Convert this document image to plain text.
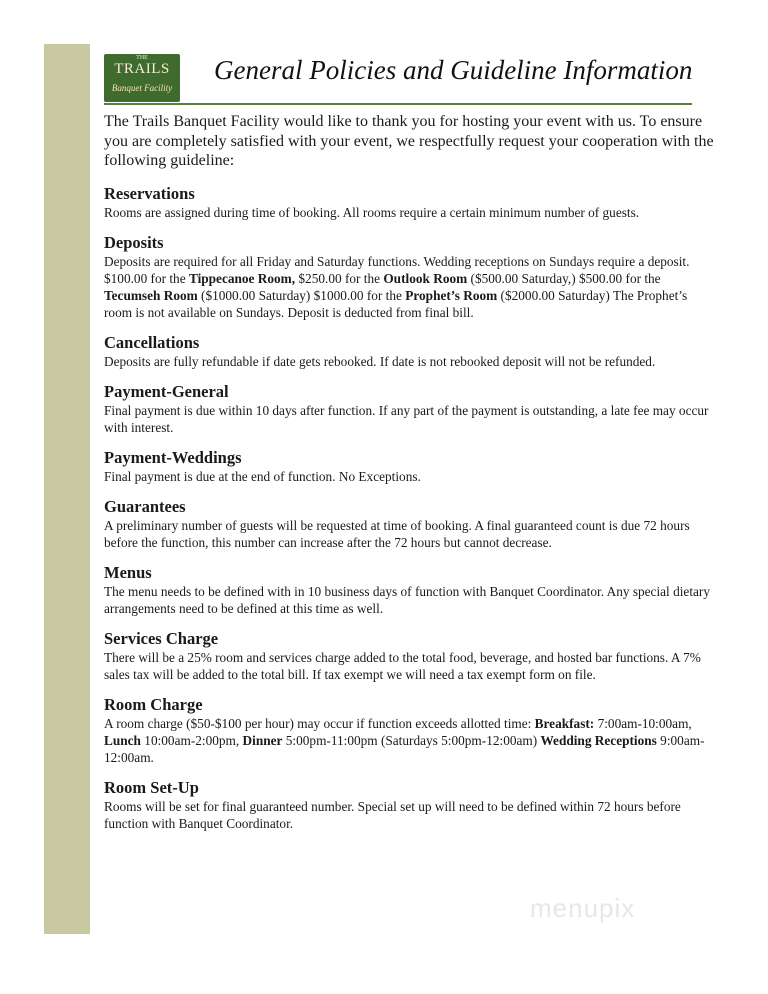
THE
TRAILS
Banquet Facility
General Policies and Guideline Information

The Trails Banquet Facility would like to thank you for hosting your event with us. To ensure you are completely satisfied with your event, we respectfully request your cooperation with the following guideline:

Reservations

Rooms are assigned during time of booking. All rooms require a certain minimum number of guests.

Deposits

Deposits are required for all Friday and Saturday functions. Wedding receptions on Sundays require a deposit. $100.00 for the Tippecanoe Room, $250.00 for the Outlook Room ($500.00 Saturday,) $500.00 for the Tecumseh Room ($1000.00 Saturday) $1000.00 for the Prophet’s Room ($2000.00 Saturday) The Prophet’s room is not available on Sundays. Deposit is deducted from final bill.

Cancellations

Deposits are fully refundable if date gets rebooked. If date is not rebooked deposit will not be refunded.

Payment-General

Final payment is due within 10 days after function. If any part of the payment is outstanding, a late fee may occur with interest.

Payment-Weddings

Final payment is due at the end of function. No Exceptions.

Guarantees

A preliminary number of guests will be requested at time of booking. A final guaranteed count is due 72 hours before the function, this number can increase after the 72 hours but cannot decrease.

Menus

The menu needs to be defined with in 10 business days of function with Banquet Coordinator. Any special dietary arrangements need to be defined at this time as well.

Services Charge

There will be a 25% room and services charge added to the total food, beverage, and hosted bar functions. A 7% sales tax will be added to the total bill. If tax exempt we will need a tax exempt form on file.

Room Charge

A room charge ($50-$100 per hour) may occur if function exceeds allotted time: Breakfast: 7:00am-10:00am, Lunch 10:00am-2:00pm, Dinner 5:00pm-11:00pm (Saturdays 5:00pm-12:00am) Wedding Receptions 9:00am-12:00am.

Room Set-Up

Rooms will be set for final guaranteed number. Special set up will need to be defined within 72 hours before function with Banquet Coordinator.

menupix
